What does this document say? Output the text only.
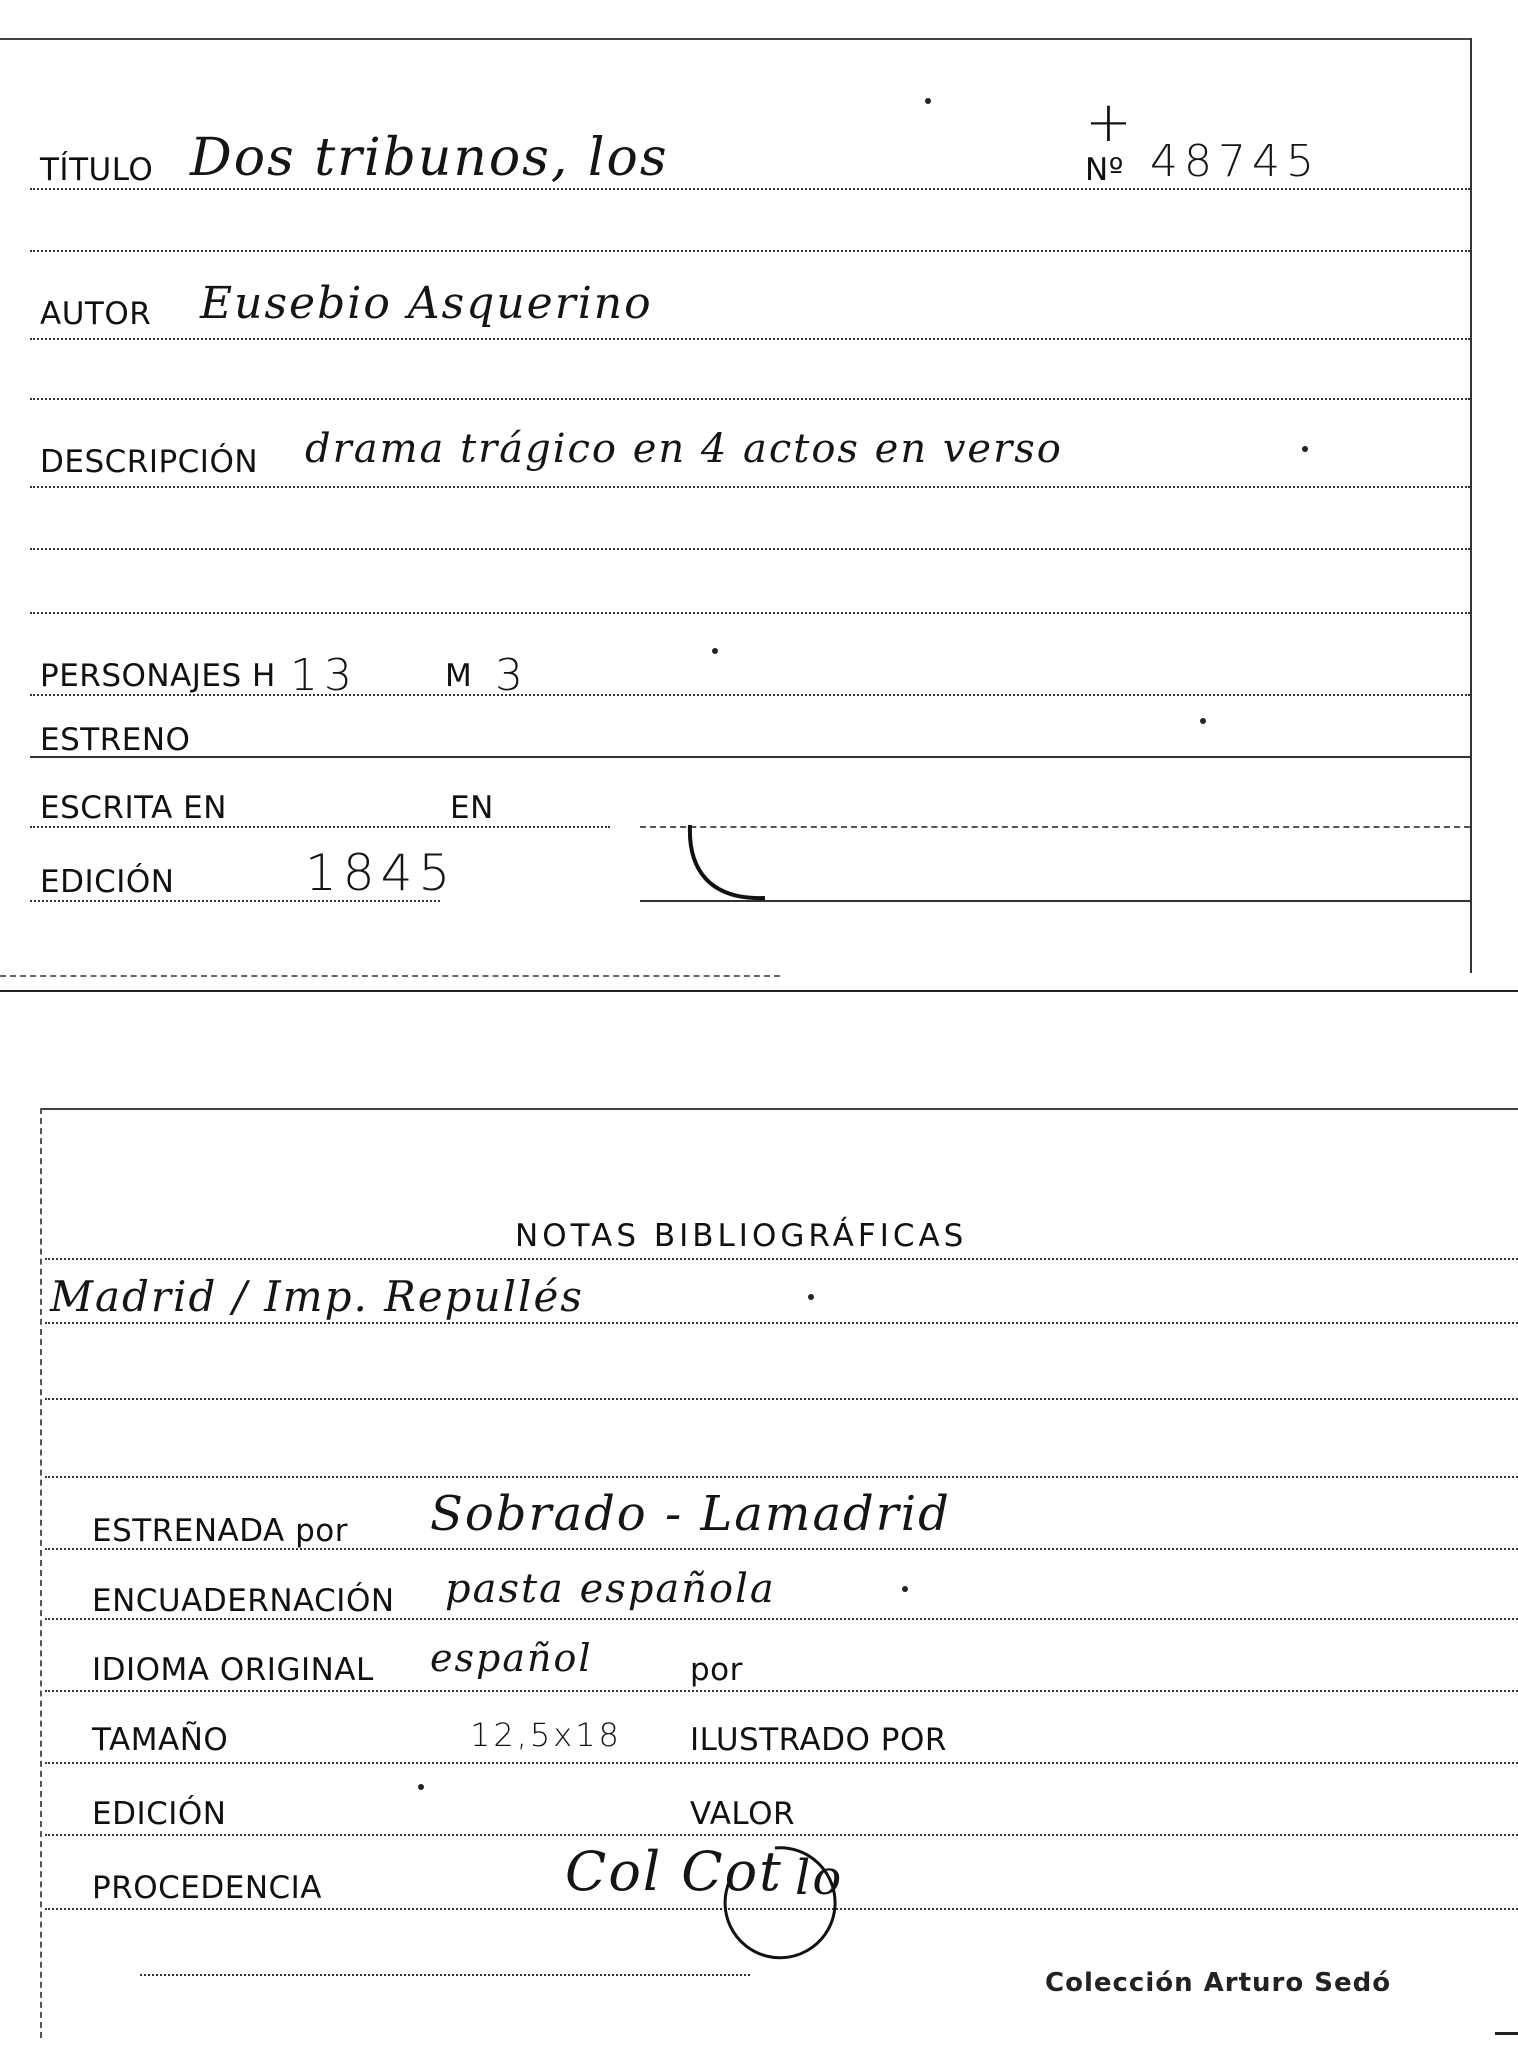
TÍTULO Dos tribunos, los
+
Nº 48745
AUTOR Eusebio Asquerino
DESCRIPCIÓN drama trágico en 4 actos en verso
PERSONAJES H 13	M 3
ESTRENO
ESCRITA EN	EN
EDICIÓN	1845
NOTAS BIBLIOGRÁFICAS
Madrid / Imp. Repullés
ESTRENADA por Sobrado - Lamadrid
ENCUADERNACIÓN pasta española
IDIOMA ORIGINAL español	por
TAMAÑO	12,5x18 ILUSTRADO POR
EDICIÓN	VALOR
PROCEDENCIA	Col Cot lo
Colección Arturo Sedó
